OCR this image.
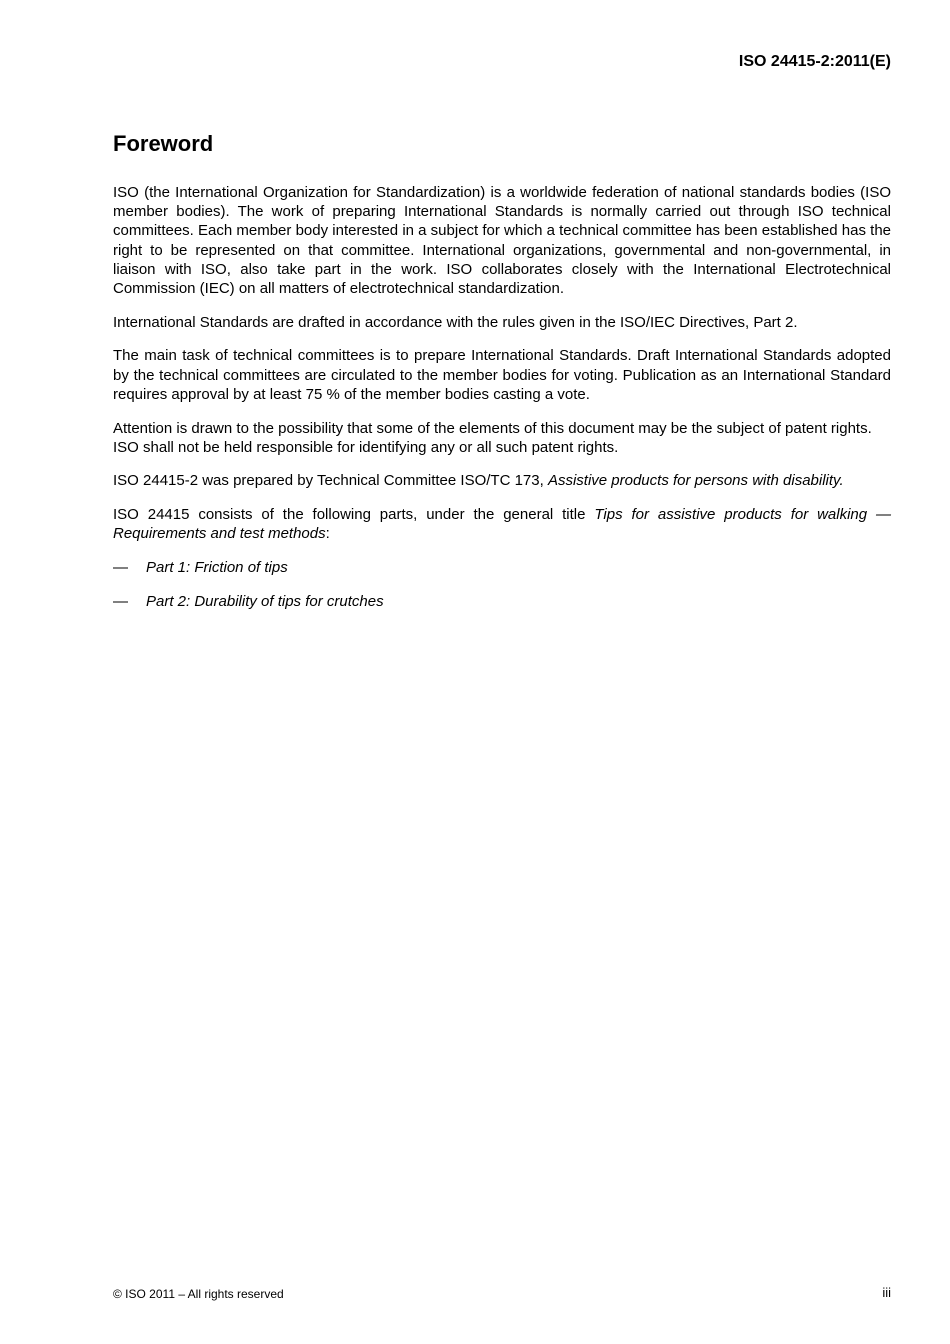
ISO 24415-2:2011(E)
Foreword

ISO (the International Organization for Standardization) is a worldwide federation of national standards bodies (ISO member bodies). The work of preparing International Standards is normally carried out through ISO technical committees. Each member body interested in a subject for which a technical committee has been established has the right to be represented on that committee. International organizations, governmental and non-governmental, in liaison with ISO, also take part in the work. ISO collaborates closely with the International Electrotechnical Commission (IEC) on all matters of electrotechnical standardization.

International Standards are drafted in accordance with the rules given in the ISO/IEC Directives, Part 2.

The main task of technical committees is to prepare International Standards. Draft International Standards adopted by the technical committees are circulated to the member bodies for voting. Publication as an International Standard requires approval by at least 75 % of the member bodies casting a vote.

Attention is drawn to the possibility that some of the elements of this document may be the subject of patent rights. ISO shall not be held responsible for identifying any or all such patent rights.

ISO 24415-2 was prepared by Technical Committee ISO/TC 173, Assistive products for persons with disability.

ISO 24415 consists of the following parts, under the general title Tips for assistive products for walking — Requirements and test methods:

—	Part 1: Friction of tips
—	Part 2: Durability of tips for crutches
© ISO 2011 – All rights reserved	iii
